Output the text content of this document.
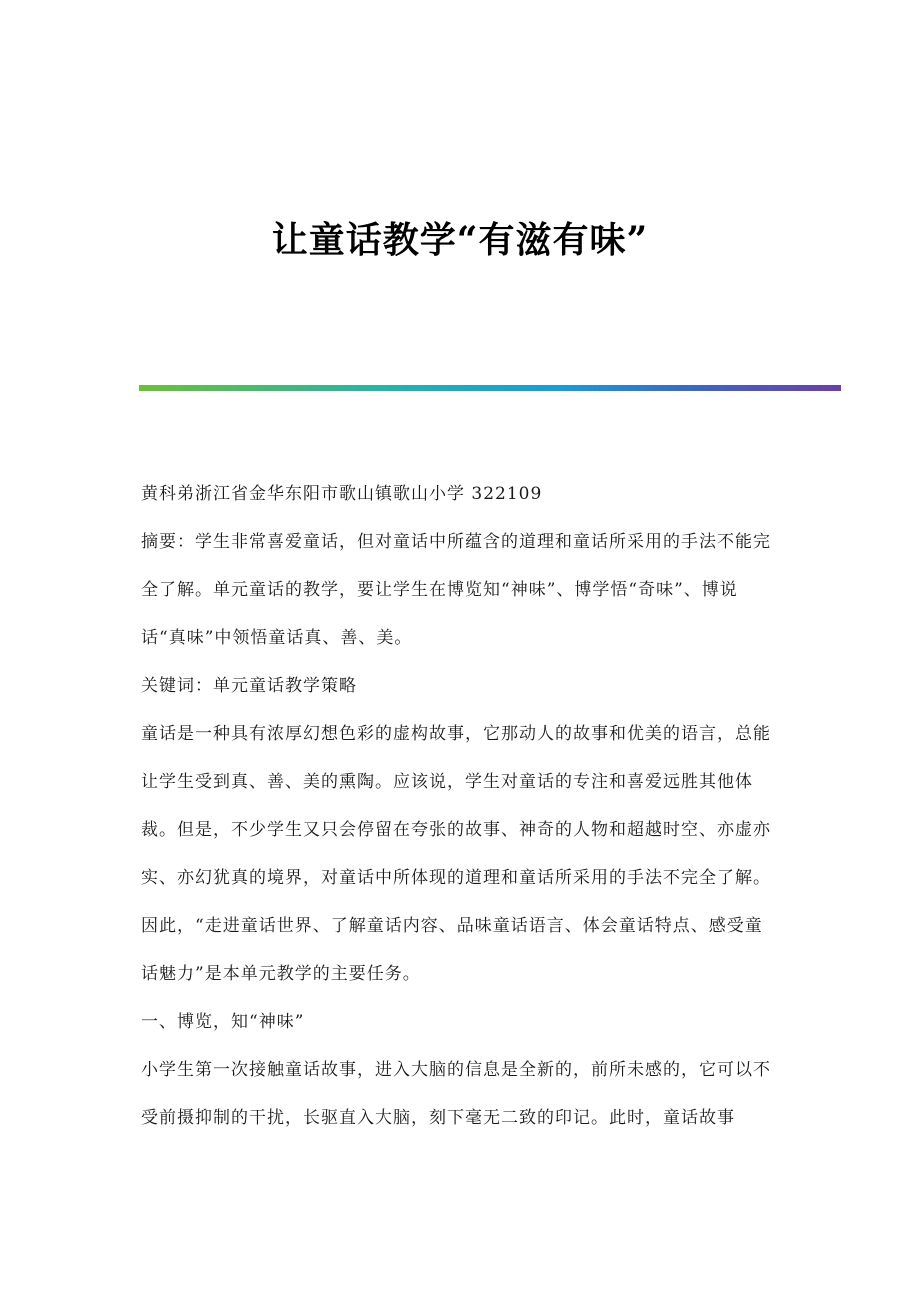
让童话教学“有滋有味”

黄科弟浙江省金华东阳市歌山镇歌山小学 322109

摘要：学生非常喜爱童话，但对童话中所蕴含的道理和童话所采用的手法不能完全了解。单元童话的教学，要让学生在博览知“神味”、博学悟“奇味”、博说话“真味”中领悟童话真、善、美。

关键词：单元童话教学策略

童话是一种具有浓厚幻想色彩的虚构故事，它那动人的故事和优美的语言，总能让学生受到真、善、美的熏陶。应该说，学生对童话的专注和喜爱远胜其他体裁。但是，不少学生又只会停留在夸张的故事、神奇的人物和超越时空、亦虚亦实、亦幻犹真的境界，对童话中所体现的道理和童话所采用的手法不完全了解。因此，“走进童话世界、了解童话内容、品味童话语言、体会童话特点、感受童话魅力”是本单元教学的主要任务。

一、博览，知“神味”

小学生第一次接触童话故事，进入大脑的信息是全新的，前所未感的，它可以不受前摄抑制的干扰，长驱直入大脑，刻下毫无二致的印记。此时，童话故事
